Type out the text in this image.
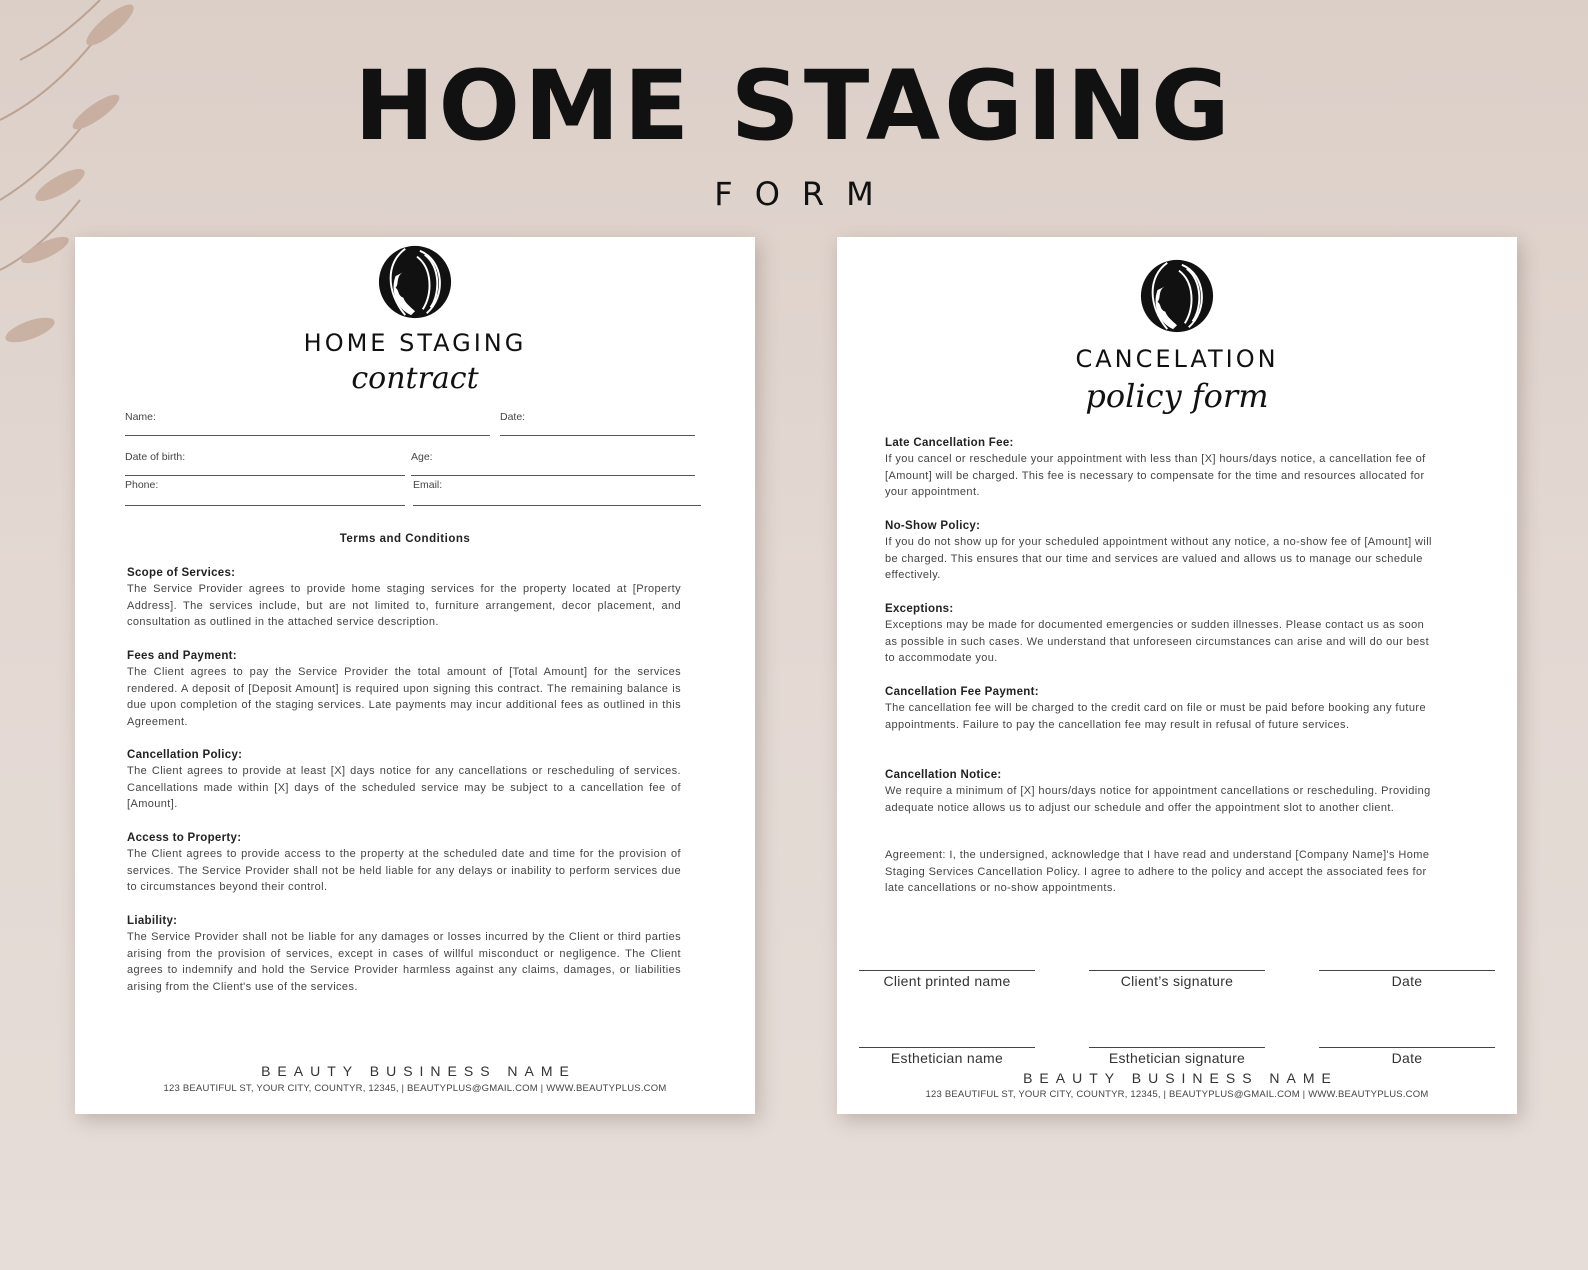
HOME STAGING
FORM
HOME STAGING
contract
Name:	Date:
Date of birth:	Age:
Phone:	Email:
Terms and Conditions
Scope of Services:
The Service Provider agrees to provide home staging services for the property located at [Property Address]. The services include, but are not limited to, furniture arrangement, decor placement, and consultation as outlined in the attached service description.
Fees and Payment:
The Client agrees to pay the Service Provider the total amount of [Total Amount] for the services rendered. A deposit of [Deposit Amount] is required upon signing this contract. The remaining balance is due upon completion of the staging services. Late payments may incur additional fees as outlined in this Agreement.
Cancellation Policy:
The Client agrees to provide at least [X] days notice for any cancellations or rescheduling of services. Cancellations made within [X] days of the scheduled service may be subject to a cancellation fee of [Amount].
Access to Property:
The Client agrees to provide access to the property at the scheduled date and time for the provision of services. The Service Provider shall not be held liable for any delays or inability to perform services due to circumstances beyond their control.
Liability:
The Service Provider shall not be liable for any damages or losses incurred by the Client or third parties arising from the provision of services, except in cases of willful misconduct or negligence. The Client agrees to indemnify and hold the Service Provider harmless against any claims, damages, or liabilities arising from the Client's use of the services.
BEAUTY BUSINESS NAME
123 BEAUTIFUL ST, YOUR CITY, COUNTYR, 12345, | BEAUTYPLUS@GMAIL.COM | WWW.BEAUTYPLUS.COM
CANCELATION
policy form
Late Cancellation Fee:
If you cancel or reschedule your appointment with less than [X] hours/days notice, a cancellation fee of [Amount] will be charged. This fee is necessary to compensate for the time and resources allocated for your appointment.
No-Show Policy:
If you do not show up for your scheduled appointment without any notice, a no-show fee of [Amount] will be charged. This ensures that our time and services are valued and allows us to manage our schedule effectively.
Exceptions:
Exceptions may be made for documented emergencies or sudden illnesses. Please contact us as soon as possible in such cases. We understand that unforeseen circumstances can arise and will do our best to accommodate you.
Cancellation Fee Payment:
The cancellation fee will be charged to the credit card on file or must be paid before booking any future appointments. Failure to pay the cancellation fee may result in refusal of future services.
Cancellation Notice:
We require a minimum of [X] hours/days notice for appointment cancellations or rescheduling. Providing adequate notice allows us to adjust our schedule and offer the appointment slot to another client.
Agreement: I, the undersigned, acknowledge that I have read and understand [Company Name]'s Home Staging Services Cancellation Policy. I agree to adhere to the policy and accept the associated fees for late cancellations or no-show appointments.
Client printed name	Client’s signature	Date
Esthetician name	Esthetician signature	Date
BEAUTY BUSINESS NAME
123 BEAUTIFUL ST, YOUR CITY, COUNTYR, 12345, | BEAUTYPLUS@GMAIL.COM | WWW.BEAUTYPLUS.COM
